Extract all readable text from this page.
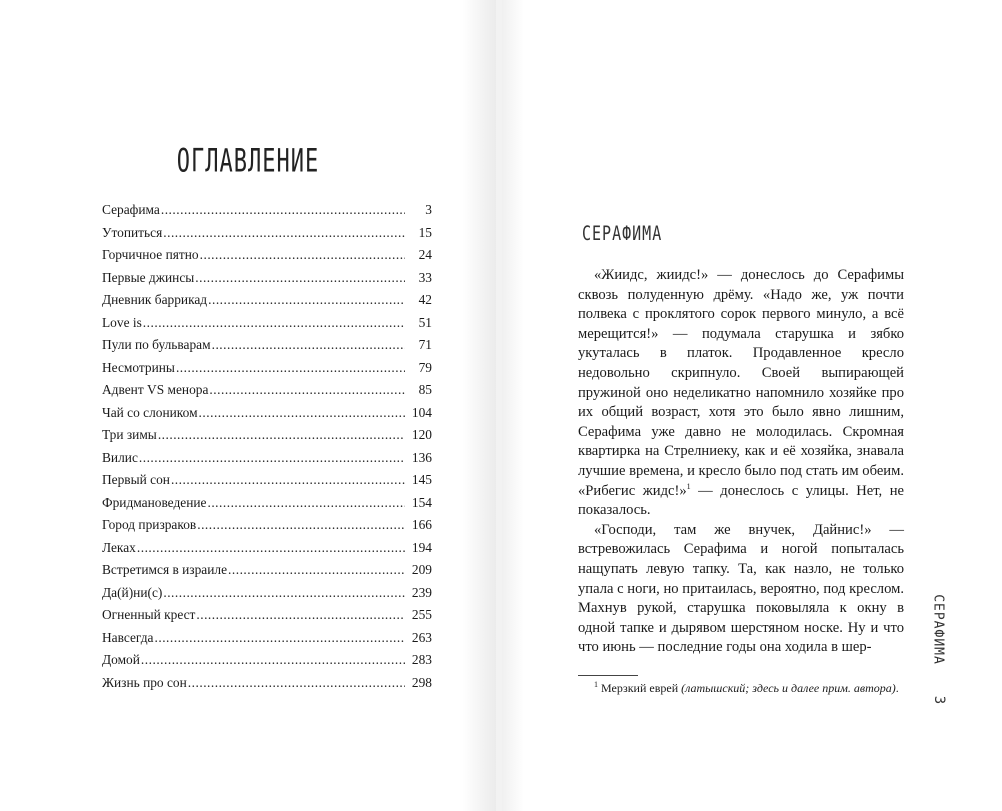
ОГЛАВЛЕНИЕ
Серафима .....	3
Утопиться .....	15
Горчичное пятно .....	24
Первые джинсы .....	33
Дневник баррикад .....	42
Love is .....	51
Пули по бульварам .....	71
Несмотрины .....	79
Адвент VS менора .....	85
Чай со слоником .....	104
Три зимы .....	120
Вилис .....	136
Первый сон .....	145
Фридмановедение .....	154
Город призраков .....	166
Леках .....	194
Встретимся в израиле .....	209
Да(й)ни(с) .....	239
Огненный крест .....	255
Навсегда .....	263
Домой .....	283
Жизнь про сон .....	298
СЕРАФИМА

«Жиидс, жиидс!» — донеслось до Серафимы сквозь полуденную дрёму. «Надо же, уж почти полвека с проклятого сорок первого минуло, а всё мерещится!» — подумала старушка и зябко укуталась в платок. Продавленное кресло недовольно скрипнуло. Своей выпирающей пружиной оно неделикатно напомнило хозяйке про их общий возраст, хотя это было явно лишним, Серафима уже давно не молодилась. Скромная квартирка на Стрелниеку, как и её хозяйка, знавала лучшие времена, и кресло было под стать им обеим. «Рибегиc жидс!»$^1$ — донеслось с улицы. Нет, не показалось.

«Господи, там же внучек, Дайнис!» — встревожилась Серафима и ногой попыталась нащупать левую тапку. Та, как назло, не только упала с ноги, но притаилась, вероятно, под креслом. Махнув рукой, старушка поковыляла к окну в одной тапке и дырявом шерстяном носке. Ну и что что июнь — последние годы она ходила в шер-

$^1$ Мерзкий еврей (латышский; здесь и далее прим. автора).

СЕРАФИМА
3
